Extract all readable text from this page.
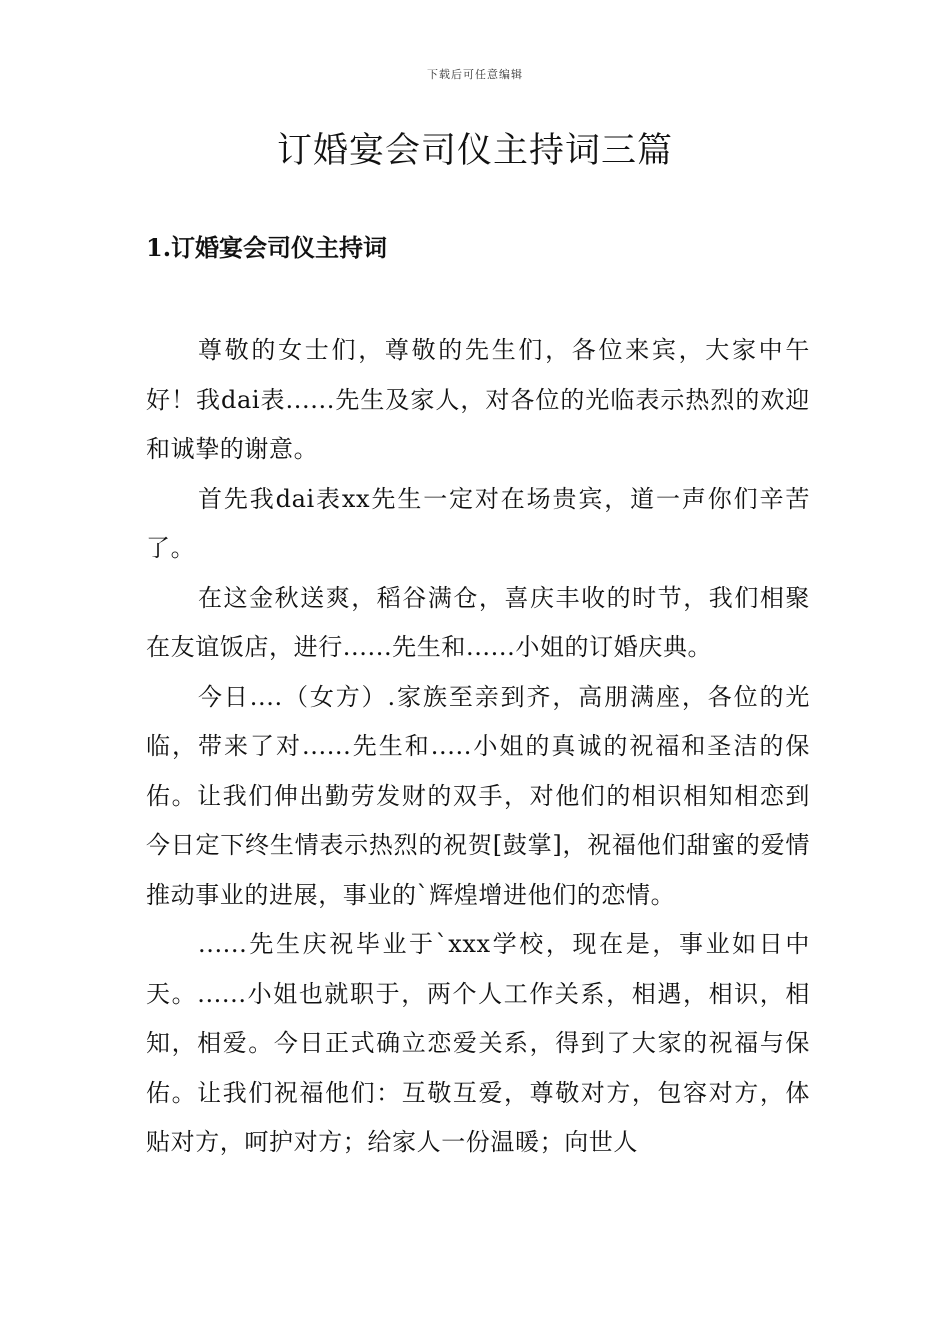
下载后可任意编辑
订婚宴会司仪主持词三篇
1.订婚宴会司仪主持词

尊敬的女士们，尊敬的先生们，各位来宾，大家中午好！我dai表......先生及家人，对各位的光临表示热烈的欢迎和诚挚的谢意。

首先我dai表xx先生一定对在场贵宾，道一声你们辛苦了。

在这金秋送爽，稻谷满仓，喜庆丰收的时节，我们相聚在友谊饭店，进行......先生和......小姐的订婚庆典。

今日....（女方）.家族至亲到齐，高朋满座，各位的光临，带来了对......先生和.....小姐的真诚的祝福和圣洁的保佑。让我们伸出勤劳发财的双手，对他们的相识相知相恋到今日定下终生情表示热烈的祝贺[鼓掌]，祝福他们甜蜜的爱情推动事业的进展，事业的`辉煌增进他们的恋情。

......先生庆祝毕业于`xxx学校，现在是，事业如日中天。......小姐也就职于，两个人工作关系，相遇，相识，相知，相爱。今日正式确立恋爱关系，得到了大家的祝福与保佑。让我们祝福他们：互敬互爱，尊敬对方，包容对方，体贴对方，呵护对方；给家人一份温暖；向世人
